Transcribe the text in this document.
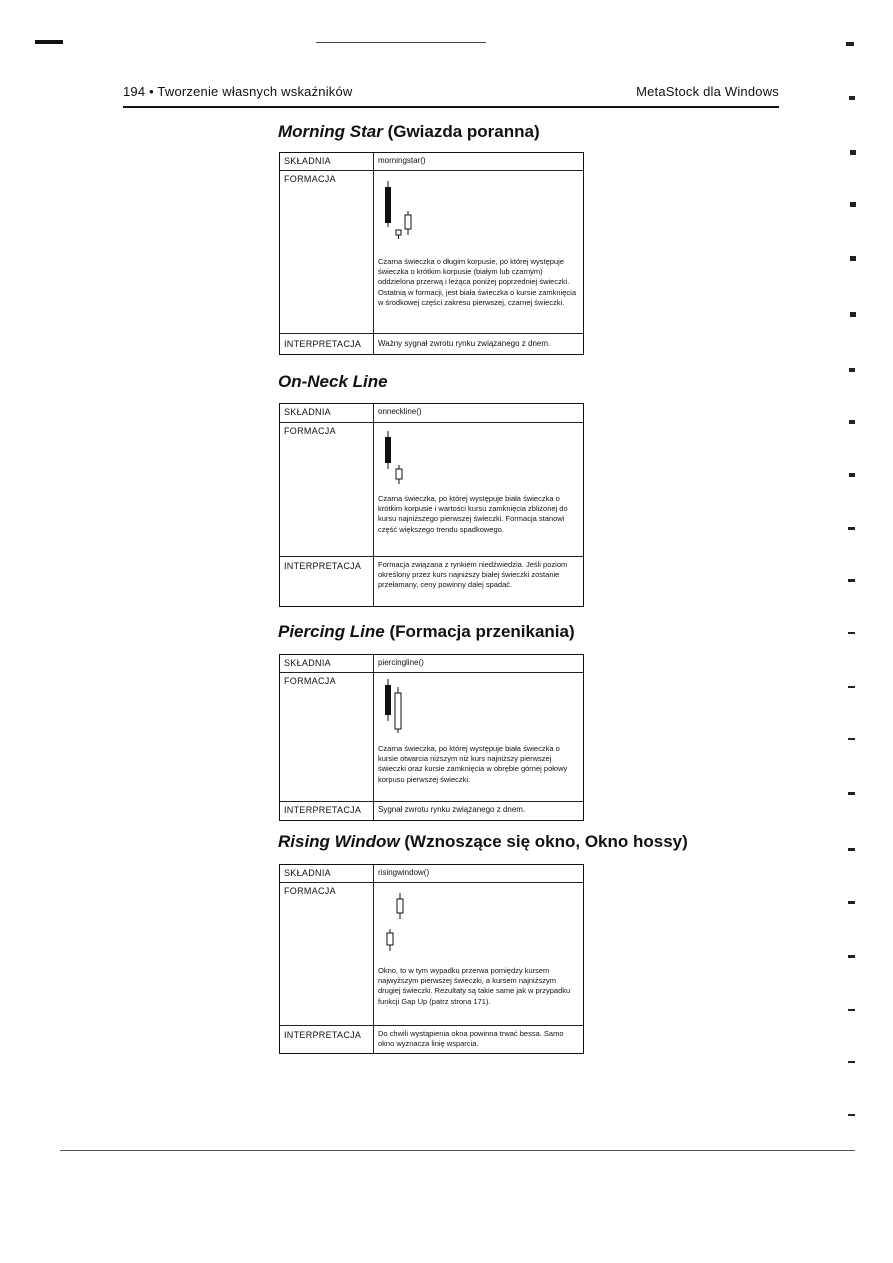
194 • Tworzenie własnych wskaźników	MetaStock dla Windows
Morning Star (Gwiazda poranna)
SKŁADNIA	morningstar()
FORMACJA
Czarna świeczka o długim korpusie, po której występuje świeczka o krótkim korpusie (białym lub czarnym) oddzielona przerwą i leżąca poniżej poprzedniej świeczki. Ostatnią w formacji, jest biała świeczka o kursie zamknięcia w środkowej części zakresu pierwszej, czarnej świeczki.
INTERPRETACJA Ważny sygnał zwrotu rynku związanego z dnem.
On-Neck Line
SKŁADNIA	onneckline()
FORMACJA
Czarna świeczka, po której występuje biała świeczka o krótkim korpusie i wartości kursu zamknięcia zbliżonej do kursu najniższego pierwszej świeczki. Formacja stanowi część większego trendu spadkowego.
INTERPRETACJA Formacja związana z rynkiem niedźwiedzia. Jeśli poziom określony przez kurs najniższy białej świeczki zostanie przełamany, ceny powinny dalej spadać.
Piercing Line (Formacja przenikania)
SKŁADNIA	piercingline()
FORMACJA
Czarna świeczka, po której występuje biała świeczka o kursie otwarcia niższym niż kurs najniższy pierwszej świeczki oraz kursie zamknięcia w obrębie górnej połowy korpusu pierwszej świeczki.
INTERPRETACJA Sygnał zwrotu rynku związanego z dnem.
Rising Window (Wznoszące się okno, Okno hossy)
SKŁADNIA	risingwindow()
FORMACJA
Okno, to w tym wypadku przerwa pomiędzy kursem najwyższym pierwszej świeczki, a kursem najniższym drugiej świeczki. Rezultaty są takie same jak w przypadku funkcji Gap Up (patrz strona 171).
INTERPRETACJA Do chwili wystąpienia okna powinna trwać bessa. Samo okno wyznacza linię wsparcia.
